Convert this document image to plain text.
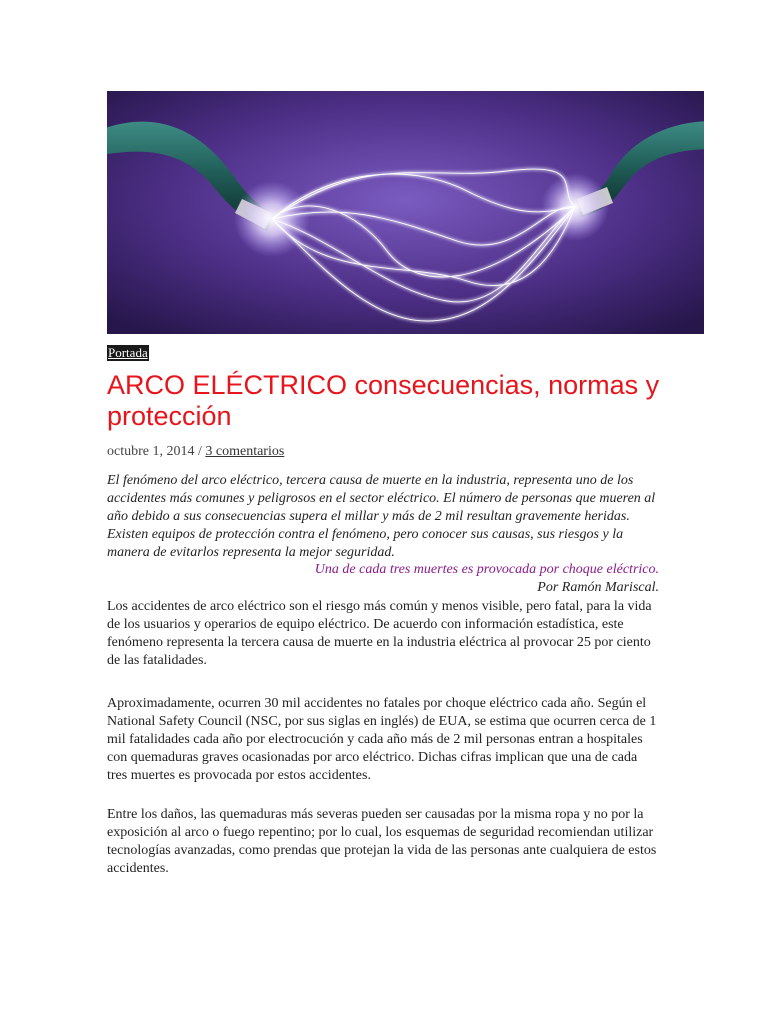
Portada
ARCO ELÉCTRICO consecuencias, normas y protección
octubre 1, 2014 / 3 comentarios

El fenómeno del arco eléctrico, tercera causa de muerte en la industria, representa uno de los accidentes más comunes y peligrosos en el sector eléctrico. El número de personas que mueren al año debido a sus consecuencias supera el millar y más de 2 mil resultan gravemente heridas. Existen equipos de protección contra el fenómeno, pero conocer sus causas, sus riesgos y la manera de evitarlos representa la mejor seguridad.

Una de cada tres muertes es provocada por choque eléctrico.
Por Ramón Mariscal.

Los accidentes de arco eléctrico son el riesgo más común y menos visible, pero fatal, para la vida de los usuarios y operarios de equipo eléctrico. De acuerdo con información estadística, este fenómeno representa la tercera causa de muerte en la industria eléctrica al provocar 25 por ciento de las fatalidades.

Aproximadamente, ocurren 30 mil accidentes no fatales por choque eléctrico cada año. Según el National Safety Council (NSC, por sus siglas en inglés) de EUA, se estima que ocurren cerca de 1 mil fatalidades cada año por electrocución y cada año más de 2 mil personas entran a hospitales con quemaduras graves ocasionadas por arco eléctrico. Dichas cifras implican que una de cada tres muertes es provocada por estos accidentes.

Entre los daños, las quemaduras más severas pueden ser causadas por la misma ropa y no por la exposición al arco o fuego repentino; por lo cual, los esquemas de seguridad recomiendan utilizar tecnologías avanzadas, como prendas que protejan la vida de las personas ante cualquiera de estos accidentes.
